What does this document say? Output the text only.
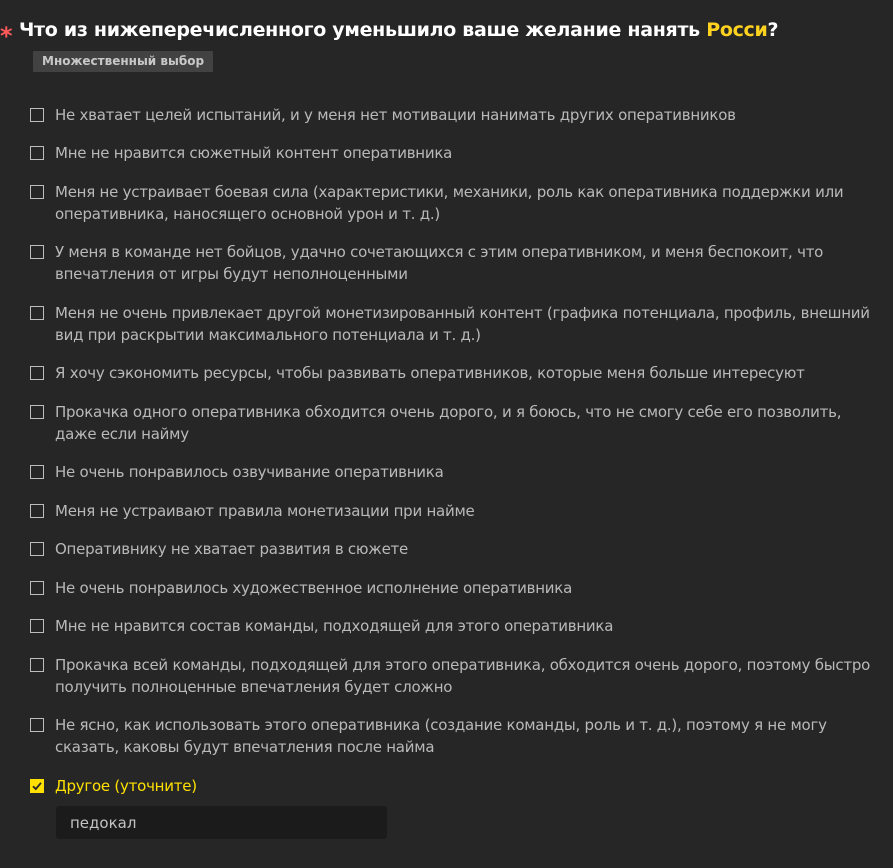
* Что из нижеперечисленного уменьшило ваше желание нанять Росси?
Множественный выбор
Не хватает целей испытаний, и у меня нет мотивации нанимать других оперативников
Мне не нравится сюжетный контент оперативника
Меня не устраивает боевая сила (характеристики, механики, роль как оперативника поддержки или оперативника, наносящего основной урон и т. д.)
У меня в команде нет бойцов, удачно сочетающихся с этим оперативником, и меня беспокоит, что впечатления от игры будут неполноценными
Меня не очень привлекает другой монетизированный контент (графика потенциала, профиль, внешний вид при раскрытии максимального потенциала и т. д.)
Я хочу сэкономить ресурсы, чтобы развивать оперативников, которые меня больше интересуют
Прокачка одного оперативника обходится очень дорого, и я боюсь, что не смогу себе его позволить, даже если найму
Не очень понравилось озвучивание оперативника
Меня не устраивают правила монетизации при найме
Оперативнику не хватает развития в сюжете
Не очень понравилось художественное исполнение оперативника
Мне не нравится состав команды, подходящей для этого оперативника
Прокачка всей команды, подходящей для этого оперативника, обходится очень дорого, поэтому быстро получить полноценные впечатления будет сложно
Не ясно, как использовать этого оперативника (создание команды, роль и т. д.), поэтому я не могу сказать, каковы будут впечатления после найма
Другое (уточните)
педокал
